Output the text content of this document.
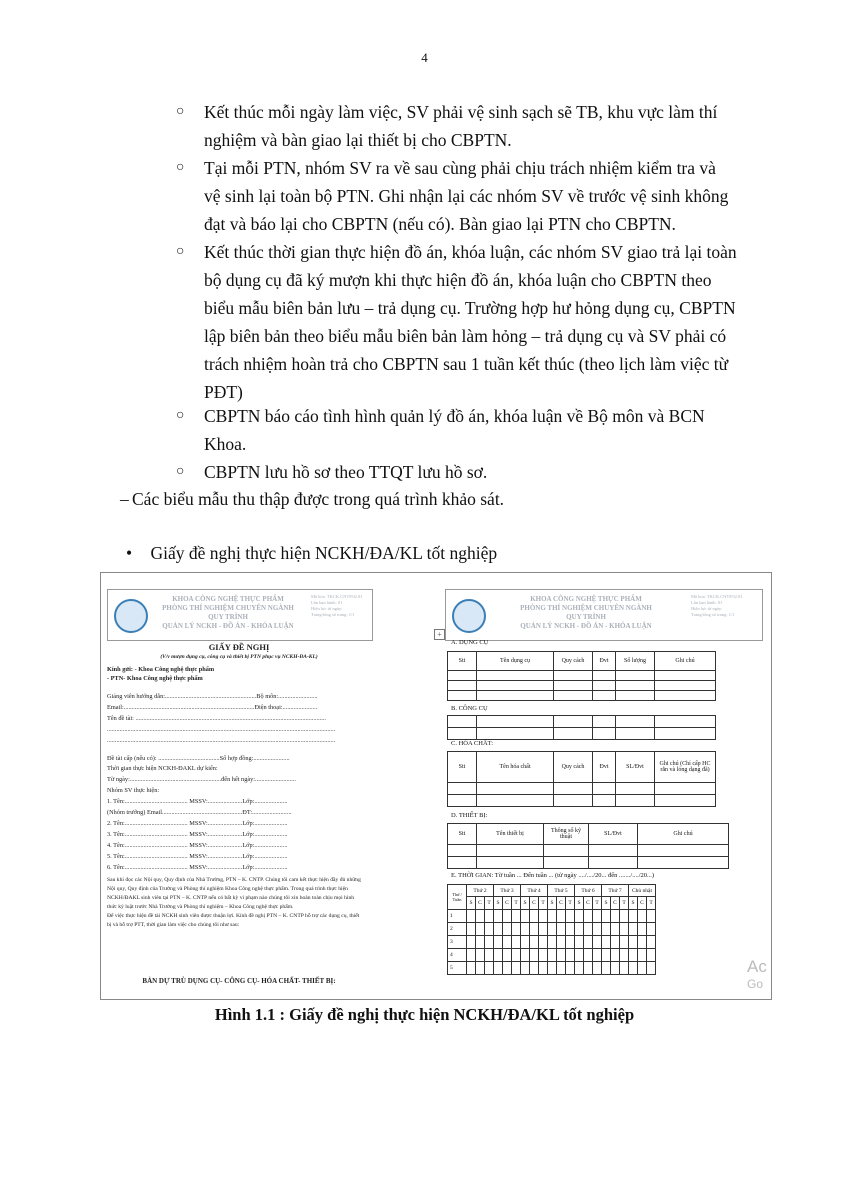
4
○	Kết thúc mỗi ngày làm việc, SV phải vệ sinh sạch sẽ TB, khu vực làm thí
nghiệm và bàn giao lại thiết bị cho CBPTN.
○	Tại mỗi PTN, nhóm SV ra về sau cùng phải chịu trách nhiệm kiểm tra và
vệ sinh lại toàn bộ PTN. Ghi nhận lại các nhóm SV về trước vệ sinh không
đạt và báo lại cho CBPTN (nếu có). Bàn giao lại PTN cho CBPTN.
○	Kết thúc thời gian thực hiện đồ án, khóa luận, các nhóm SV giao trả lại toàn
bộ dụng cụ đã ký mượn khi thực hiện đồ án, khóa luận cho CBPTN theo
biểu mẫu biên bản lưu – trả dụng cụ. Trường hợp hư hỏng dụng cụ, CBPTN
lập biên bản theo biểu mẫu biên bản làm hỏng – trả dụng cụ và SV phải có
trách nhiệm hoàn trả cho CBPTN sau 1 tuần kết thúc (theo lịch làm việc từ
PĐT)
○	CBPTN báo cáo tình hình quản lý đồ án, khóa luận về Bộ môn và BCN
Khoa.
○	CBPTN lưu hồ sơ theo TTQT lưu hồ sơ.
– Các biểu mẫu thu thập được trong quá trình khảo sát.
• Giấy đề nghị thực hiện NCKH/ĐA/KL tốt nghiệp
KHOA CÔNG NGHỆ THỰC PHẨM
PHÒNG THÍ NGHIỆM CHUYÊN NGÀNH
QUY TRÌNH
QUẢN LÝ NCKH - ĐỒ ÁN - KHÓA LUẬN
Mã hóa: TKCK.CNTP.02.01
Lần ban hành: 01
Hiệu lực từ ngày:
Trang/tổng số trang: 1/1
GIẤY ĐỀ NGHỊ
(V/v mượn dụng cụ, công cụ và thiết bị PTN phục vụ NCKH-ĐA-KL)
Kính gửi: - Khoa Công nghệ thực phẩm
- PTN- Khoa Công nghệ thực phẩm
Giảng viên hướng dẫn:..........................................................Bộ môn:.........................
Email:...................................................................................Điện thoại:......................
Tên đề tài: .........................................................................................................................
.................................................................................................................................................
.................................................................................................................................................
Đề tài cấp (nếu có): .......................................Số hợp đồng:.......................
Thời gian thực hiện NCKH-ĐAKL dự kiến:
Từ ngày:..........................................................đến hết ngày:..........................
Nhóm SV thực hiện:
1. Tên:........................................ MSSV:......................Lớp:.....................
(Nhóm trưởng) Email...................................................ĐT:.........................
2. Tên:........................................ MSSV:......................Lớp:.....................
3. Tên:........................................ MSSV:......................Lớp:.....................
4. Tên:........................................ MSSV:......................Lớp:.....................
5. Tên:........................................ MSSV:......................Lớp:.....................
6. Tên:........................................ MSSV:......................Lớp:.....................
Sau khi đọc các Nội quy, Quy định của Nhà Trường, PTN – K. CNTP. Chúng tôi cam kết thực hiện đầy đủ những
Nội quy, Quy định của Trường và Phòng thí nghiệm Khoa Công nghệ thực phẩm. Trong quá trình thực hiện
NCKH/ĐAKL sinh viên tại PTN – K. CNTP nếu có bất kỳ vi phạm nào chúng tôi xin hoàn toàn chịu mọi hình
thức kỷ luật trước Nhà Trường và Phòng thí nghiệm – Khoa Công nghệ thực phẩm.
Để việc thực hiện đề tài NCKH sinh viên được thuận lợi. Kính đề nghị PTN – K. CNTP hỗ trợ các dụng cụ, thiết
bị và hỗ trợ PTT, thời gian làm việc cho chúng tôi như sau:
BẢN DỰ TRÙ DỤNG CỤ- CÔNG CỤ- HÓA CHẤT- THIẾT BỊ:
KHOA CÔNG NGHỆ THỰC PHẨM
PHÒNG THÍ NGHIỆM CHUYÊN NGÀNH
QUY TRÌNH
QUẢN LÝ NCKH - ĐỒ ÁN - KHÓA LUẬN
Mã hóa: TKCK.CNTP.02.01
Lần ban hành: 01
Hiệu lực từ ngày:
Trang/tổng số trang: 1/1
+
A. DỤNG CỤ
Stt	Tên dụng cụ	Quy cách	Đvt	Số lượng	Ghi chú

B. CÔNG CỤ

C. HÓA CHẤT:
Stt	Tên hóa chất	Quy cách	Đvt	SL/Đvt	Ghi chú (Chỉ cấp HC rắn và lỏng dạng đã)

D. THIẾT BỊ:
Stt	Tên thiết bị	Thông số kỹ thuật	SL/Đvt	Ghi chú

E. THỜI GIAN: Từ tuần ... Đến tuần ... (từ ngày ..../..../20... đến ......./..../20...)
Thứ / Tuần	Thứ 2			Thứ 3			Thứ 4			Thứ 5			Thứ 6			Thứ 7			Chủ nhật		
	S	C	T	S	C	T	S	C	T	S	C	T	S	C	T	S	C	T	S	C	T
1																					
2																					
3																					
4																					
5																						Ac
Go
Hình 1.1 : Giấy đề nghị thực hiện NCKH/ĐA/KL tốt nghiệp
